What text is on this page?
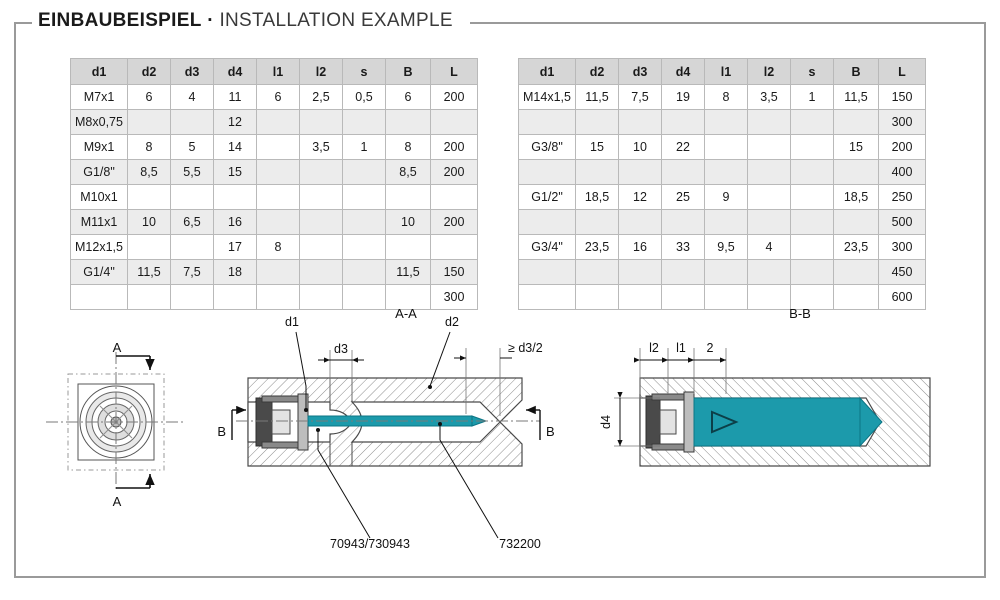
EINBAUBEISPIEL · INSTALLATION EXAMPLE
d1	d2	d3	d4	l1	l2	s	B	L
M7x1	6	4	11	6	2,5	0,5	6	200
M8x0,75			12					
M9x1	8	5	14		3,5	1	8	200
G1/8"	8,5	5,5	15				8,5	200
M10x1								
M11x1	10	6,5	16				10	200
M12x1,5			17	8				
G1/4"	11,5	7,5	18				11,5	150
								300
d1	d2	d3	d4	l1	l2	s	B	L
M14x1,5	11,5	7,5	19	8	3,5	1	11,5	150
								300
G3/8"	15	10	22				15	200
								400
G1/2"	18,5	12	25	9			18,5	250
								500
G3/4"	23,5	16	33	9,5	4		23,5	300
								450
								600
A
A
A-A
B	B
d3	≥ d3/2
d1	d2
70943/730943	732200
B-B
d4
l2 l1 2
